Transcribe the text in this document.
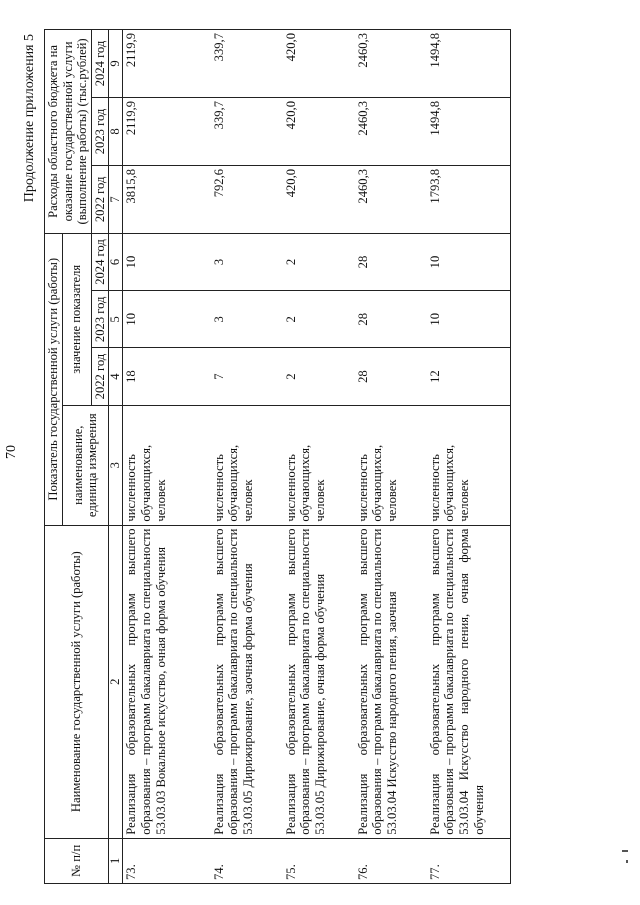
70
Продолжение приложения 5
№ п/п	Наименование государственной услуги (работы)	Показатель государственной услуги (работы)				Расходы областного бюджета на оказание государственной услуги (выполнение работы) (тыс.рублей)		
		наименование, единица измерения	значение показателя					
			2022 год	2023 год	2024 год	2022 год	2023 год	2024 год
1	2	3	4	5	6	7	8	9
73.	Реализация образовательных программ высшего образования – программ бакалавриата по специальности 53.03.03 Вокальное искусство, очная форма обучения	численность обучающихся, человек	18	10	10	3815,8	2119,9	2119,9
74.	Реализация образовательных программ высшего образования – программ бакалавриата по специальности 53.03.05 Дирижирование, заочная форма обучения	численность обучающихся, человек	7	3	3	792,6	339,7	339,7
75.	Реализация образовательных программ высшего образования – программ бакалавриата по специальности 53.03.05 Дирижирование, очная форма обучения	численность обучающихся, человек	2	2	2	420,0	420,0	420,0
76.	Реализация образовательных программ высшего образования – программ бакалавриата по специальности 53.03.04 Искусство народного пения, заочная	численность обучающихся, человек	28	28	28	2460,3	2460,3	2460,3
77.	Реализация образовательных программ высшего образования – программ бакалавриата по специальности 53.03.04 Искусство народного пения, очная форма обучения	численность обучающихся, человек	12	10	10	1793,8	1494,8	1494,8
